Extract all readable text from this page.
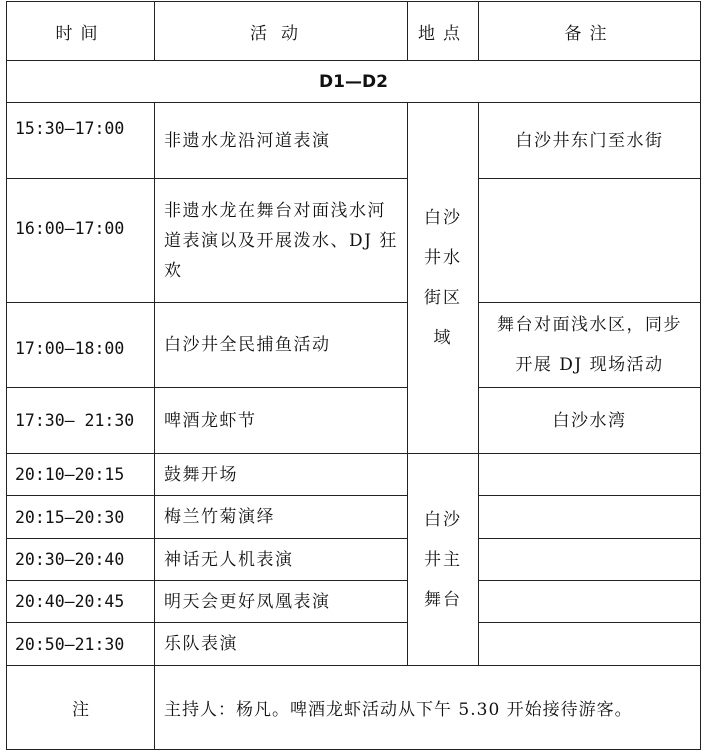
时间	活动	地点	备注
D1—D2			
15:30—17:00	非遗水龙沿河道表演	白沙井水街区域	白沙井东门至水街
16:00—17:00	非遗水龙在舞台对面浅水河道表演以及开展泼水、DJ 狂欢		
17:00—18:00	白沙井全民捕鱼活动		舞台对面浅水区，同步开展 DJ 现场活动
17:30— 21:30	啤酒龙虾节		白沙水湾
20:10—20:15	鼓舞开场	白沙井主舞台	
20:15—20:30	梅兰竹菊演绎		
20:30—20:40	神话无人机表演		
20:40—20:45	明天会更好凤凰表演		
20:50—21:30	乐队表演		
注	主持人：杨凡。啤酒龙虾活动从下午 5.30 开始接待游客。		
